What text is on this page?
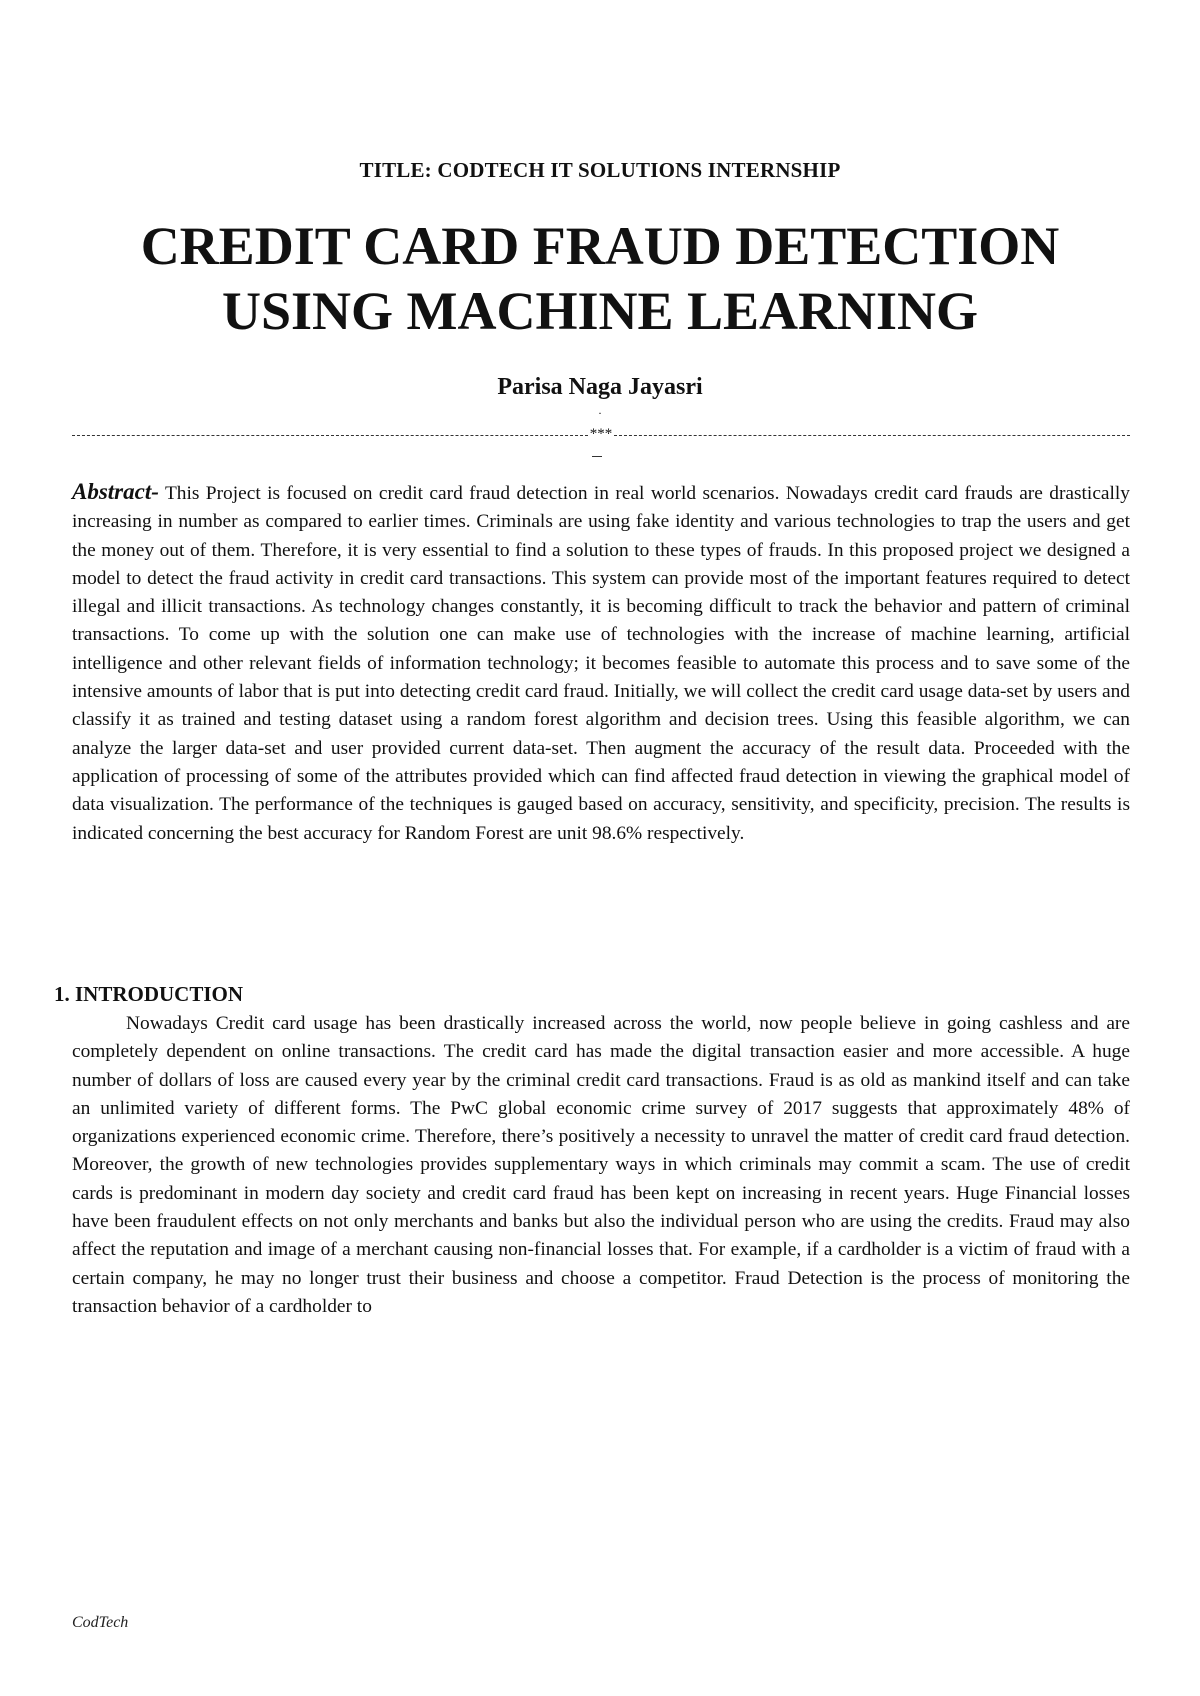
TITLE: CODTECH IT SOLUTIONS INTERNSHIP
CREDIT CARD FRAUD DETECTION
USING MACHINE LEARNING
Parisa Naga Jayasri
.
***
Abstract- This Project is focused on credit card fraud detection in real world scenarios. Nowadays credit card frauds are drastically increasing in number as compared to earlier times. Criminals are using fake identity and various technologies to trap the users and get the money out of them. Therefore, it is very essential to find a solution to these types of frauds. In this proposed project we designed a model to detect the fraud activity in credit card transactions. This system can provide most of the important features required to detect illegal and illicit transactions. As technology changes constantly, it is becoming difficult to track the behavior and pattern of criminal transactions. To come up with the solution one can make use of technologies with the increase of machine learning, artificial intelligence and other relevant fields of information technology; it becomes feasible to automate this process and to save some of the intensive amounts of labor that is put into detecting credit card fraud. Initially, we will collect the credit card usage data-set by users and classify it as trained and testing dataset using a random forest algorithm and decision trees. Using this feasible algorithm, we can analyze the larger data-set and user provided current data-set. Then augment the accuracy of the result data. Proceeded with the application of processing of some of the attributes provided which can find affected fraud detection in viewing the graphical model of data visualization. The performance of the techniques is gauged based on accuracy, sensitivity, and specificity, precision. The results is indicated concerning the best accuracy for Random Forest are unit 98.6% respectively.
1. INTRODUCTION

Nowadays Credit card usage has been drastically increased across the world, now people believe in going cashless and are completely dependent on online transactions. The credit card has made the digital transaction easier and more accessible. A huge number of dollars of loss are caused every year by the criminal credit card transactions. Fraud is as old as mankind itself and can take an unlimited variety of different forms. The PwC global economic crime survey of 2017 suggests that approximately 48% of organizations experienced economic crime. Therefore, there’s positively a necessity to unravel the matter of credit card fraud detection. Moreover, the growth of new technologies provides supplementary ways in which criminals may commit a scam. The use of credit cards is predominant in modern day society and credit card fraud has been kept on increasing in recent years. Huge Financial losses have been fraudulent effects on not only merchants and banks but also the individual person who are using the credits. Fraud may also affect the reputation and image of a merchant causing non-financial losses that. For example, if a cardholder is a victim of fraud with a certain company, he may no longer trust their business and choose a competitor. Fraud Detection is the process of monitoring the transaction behavior of a cardholder to

CodTech
